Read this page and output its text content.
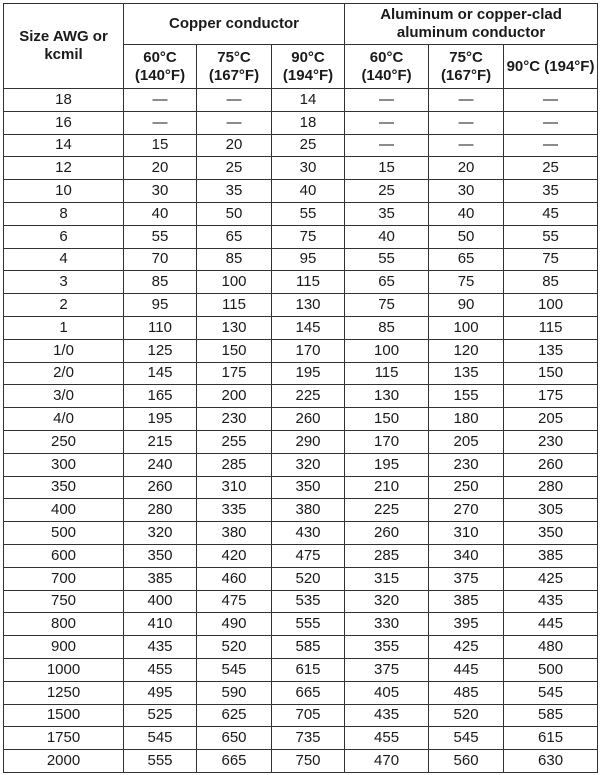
Size AWG or kcmil	Copper conductor			Aluminum or copper-clad aluminum conductor		
	60°C (140°F)	75°C (167°F)	90°C (194°F)	60°C (140°F)	75°C (167°F)	90°C (194°F)
18	—	—	14	—	—	—
16	—	—	18	—	—	—
14	15	20	25	—	—	—
12	20	25	30	15	20	25
10	30	35	40	25	30	35
8	40	50	55	35	40	45
6	55	65	75	40	50	55
4	70	85	95	55	65	75
3	85	100	115	65	75	85
2	95	115	130	75	90	100
1	110	130	145	85	100	115
1/0	125	150	170	100	120	135
2/0	145	175	195	115	135	150
3/0	165	200	225	130	155	175
4/0	195	230	260	150	180	205
250	215	255	290	170	205	230
300	240	285	320	195	230	260
350	260	310	350	210	250	280
400	280	335	380	225	270	305
500	320	380	430	260	310	350
600	350	420	475	285	340	385
700	385	460	520	315	375	425
750	400	475	535	320	385	435
800	410	490	555	330	395	445
900	435	520	585	355	425	480
1000	455	545	615	375	445	500
1250	495	590	665	405	485	545
1500	525	625	705	435	520	585
1750	545	650	735	455	545	615
2000	555	665	750	470	560	630
